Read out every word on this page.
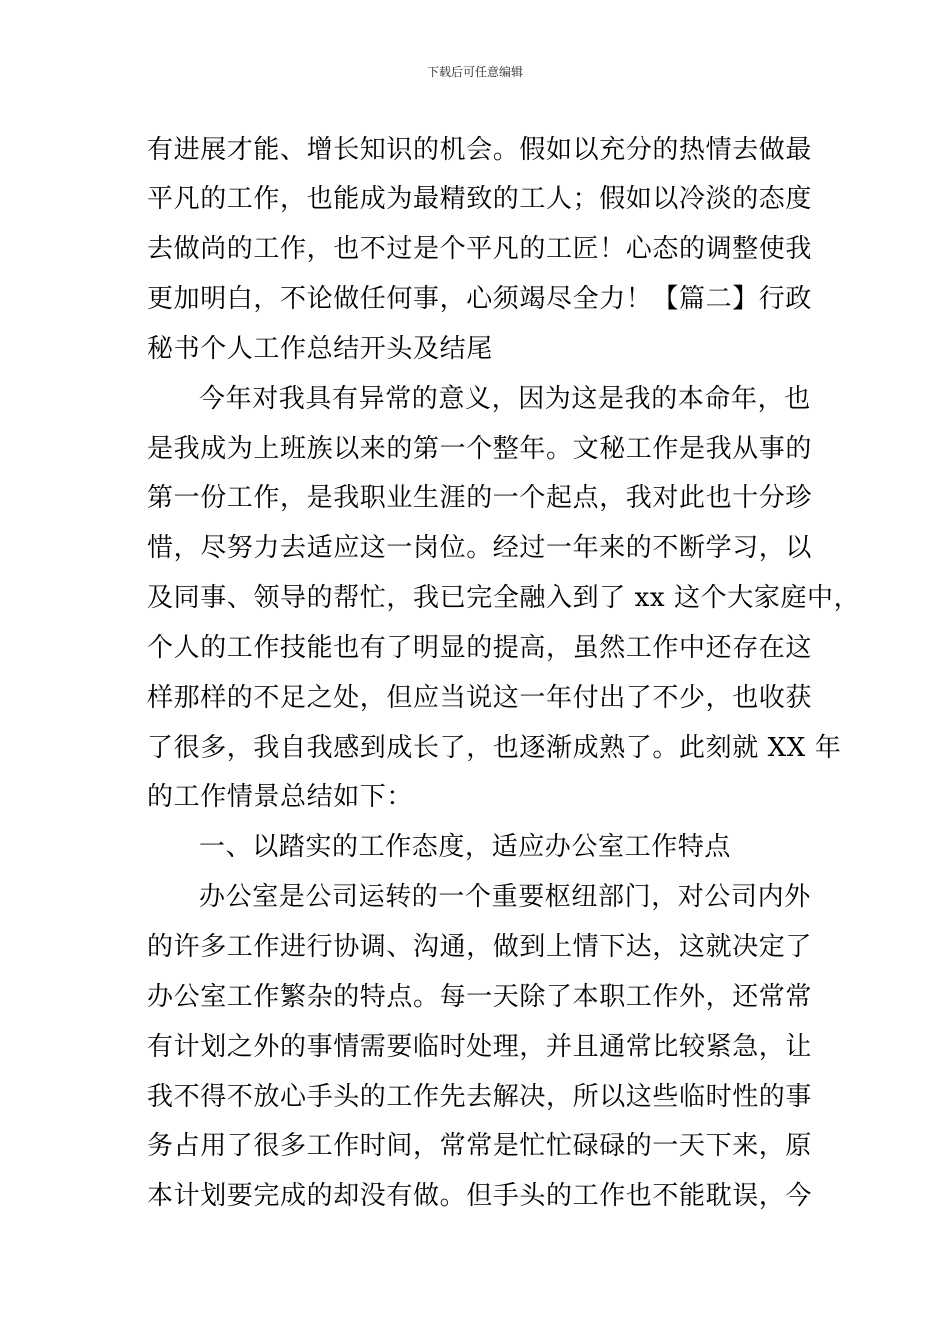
下载后可任意编辑
有进展才能、增长知识的机会。假如以充分的热情去做最
平凡的工作，也能成为最精致的工人；假如以冷淡的态度
去做尚的工作，也不过是个平凡的工匠！心态的调整使我
更加明白，不论做任何事，心须竭尽全力！【篇二】行政
秘书个人工作总结开头及结尾
今年对我具有异常的意义，因为这是我的本命年，也
是我成为上班族以来的第一个整年。文秘工作是我从事的
第一份工作，是我职业生涯的一个起点，我对此也十分珍
惜，尽努力去适应这一岗位。经过一年来的不断学习，以
及同事、领导的帮忙，我已完全融入到了 xx 这个大家庭中，
个人的工作技能也有了明显的提高，虽然工作中还存在这
样那样的不足之处，但应当说这一年付出了不少，也收获
了很多，我自我感到成长了，也逐渐成熟了。此刻就 XX 年
的工作情景总结如下：
一、以踏实的工作态度，适应办公室工作特点
办公室是公司运转的一个重要枢纽部门，对公司内外
的许多工作进行协调、沟通，做到上情下达，这就决定了
办公室工作繁杂的特点。每一天除了本职工作外，还常常
有计划之外的事情需要临时处理，并且通常比较紧急，让
我不得不放心手头的工作先去解决，所以这些临时性的事
务占用了很多工作时间，常常是忙忙碌碌的一天下来，原
本计划要完成的却没有做。但手头的工作也不能耽误，今
